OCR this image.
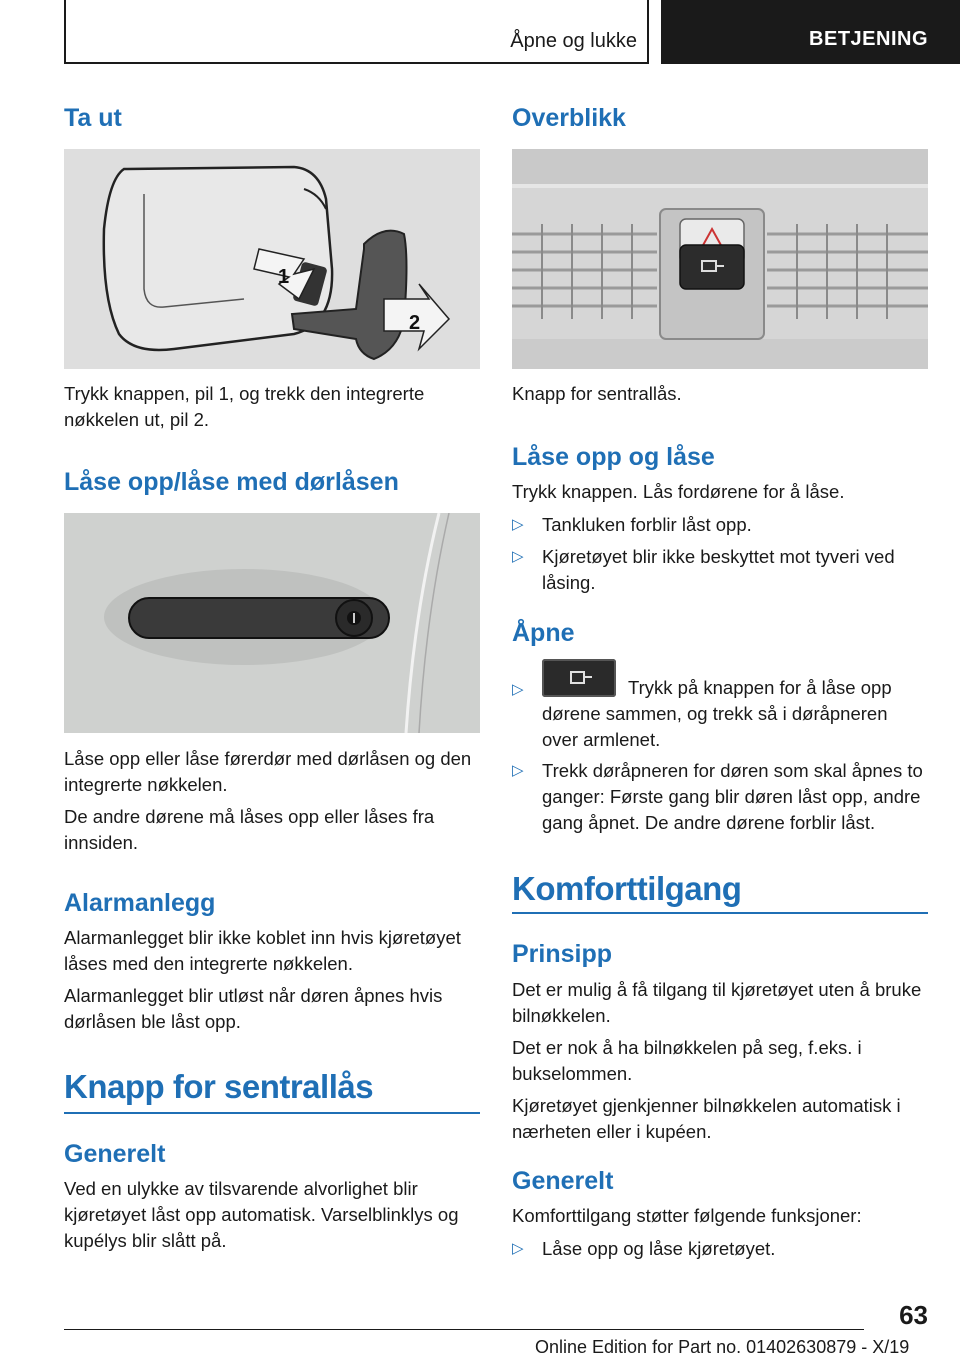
Åpne og lukke	BETJENING
Ta ut
1
2

Trykk knappen, pil 1, og trekk den integrerte nøkkelen ut, pil 2.

Låse opp/låse med dørlåsen

Låse opp eller låse førerdør med dørlåsen og den integrerte nøkkelen.

De andre dørene må låses opp eller låses fra innsiden.

Alarmanlegg

Alarmanlegget blir ikke koblet inn hvis kjøretøyet låses med den integrerte nøkkelen.

Alarmanlegget blir utløst når døren åpnes hvis dørlåsen ble låst opp.

Knapp for sentrallås
Generelt

Ved en ulykke av tilsvarende alvorlighet blir kjøretøyet låst opp automatisk. Varselblinklys og kupélys blir slått på.

Overblikk

Knapp for sentrallås.

Låse opp og låse

Trykk knappen. Lås fordørene for å låse.

▷ Tankluken forblir låst opp.
▷ Kjøretøyet blir ikke beskyttet mot tyveri ved låsing.
Åpne
▷	Trykk på knappen for å låse opp dørene sammen, og trekk så i døråpneren over armlenet.
▷ Trekk døråpneren for døren som skal åpnes to ganger: Første gang blir døren låst opp, andre gang åpnet. De andre dørene forblir låst.
Komforttilgang
Prinsipp

Det er mulig å få tilgang til kjøretøyet uten å bruke bilnøkkelen.

Det er nok å ha bilnøkkelen på seg, f.eks. i bukselommen.

Kjøretøyet gjenkjenner bilnøkkelen automatisk i nærheten eller i kupéen.

Generelt

Komforttilgang støtter følgende funksjoner:

▷ Låse opp og låse kjøretøyet.
63
Online Edition for Part no. 01402630879 - X/19
